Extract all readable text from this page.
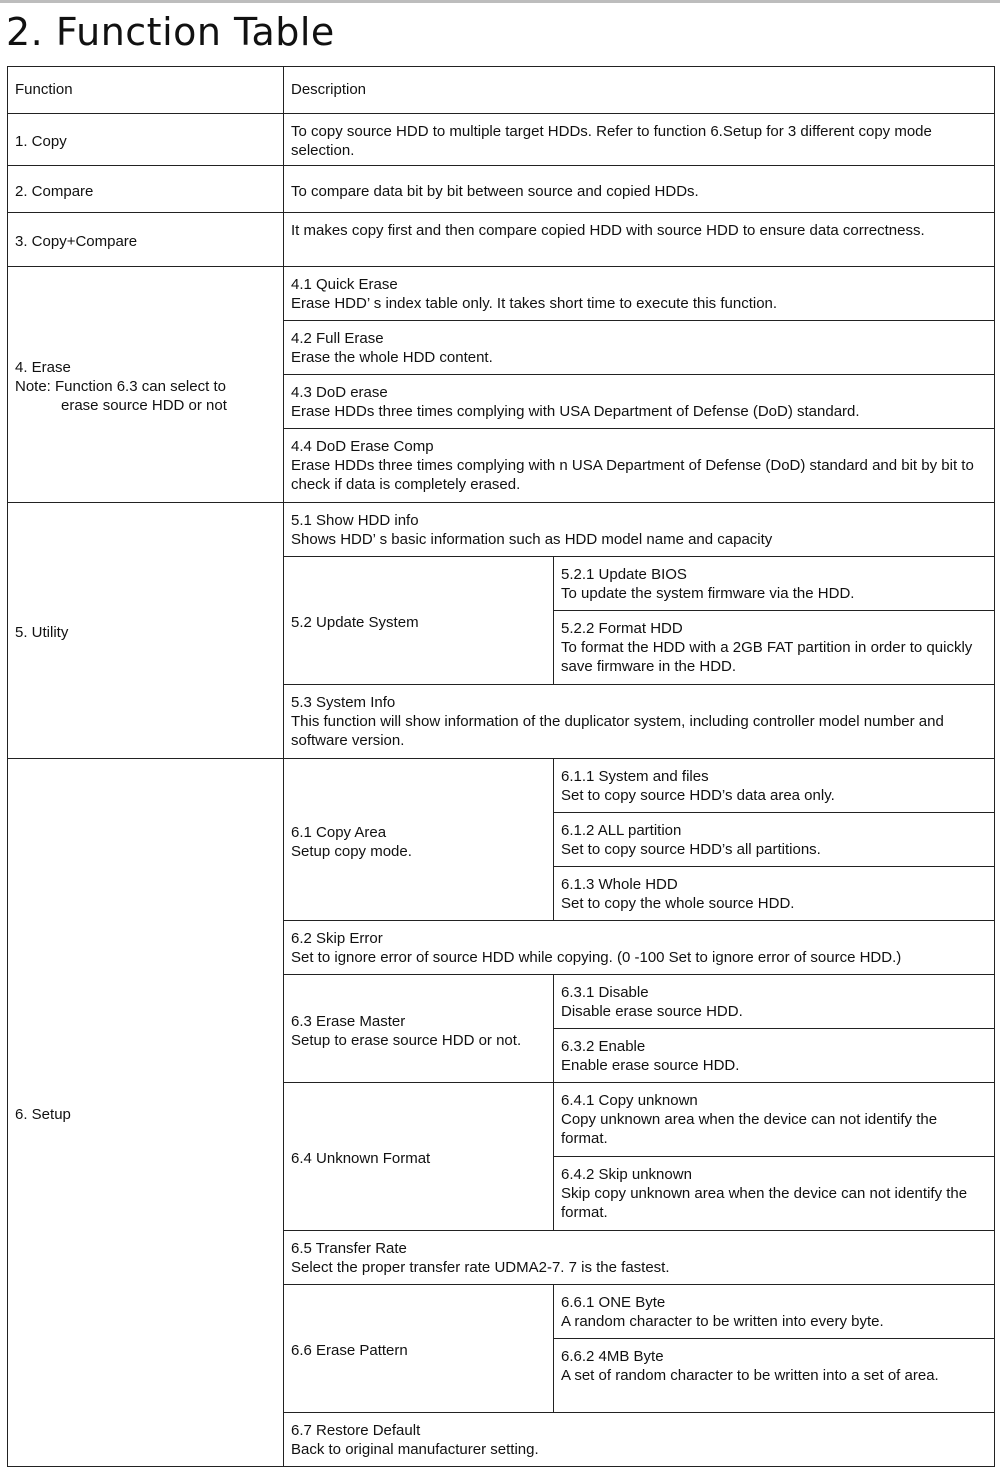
2. Function Table
Function	Description	
1. Copy	To copy source HDD to multiple target HDDs. Refer to function 6.Setup for 3 different copy mode selection.	
2. Compare	To compare data bit by bit between source and copied HDDs.	
3. Copy+Compare	It makes copy first and then compare copied HDD with source HDD to ensure data correctness.	

4. Erase
Note: Function 6.3 can select to
erase source HDD or not	4.1 Quick Erase
Erase HDD’ s index table only. It takes short time to execute this function.	

	4.2 Full Erase
Erase the whole HDD content.	

	4.3 DoD erase
Erase HDDs three times complying with USA Department of Defense (DoD) standard.	

	4.4 DoD Erase Comp
Erase HDDs three times complying with n USA Department of Defense (DoD) standard and bit by bit to check if data is completely erased.	

5. Utility	5.1 Show HDD info
Shows HDD’ s basic information such as HDD model name and capacity	

	5.2 Update System	5.2.1 Update BIOS
To update the system firmware via the HDD.

		5.2.2 Format HDD
To format the HDD with a 2GB FAT partition in order to quickly save firmware in the HDD.

	5.3 System Info
This function will show information of the duplicator system, including controller model number and software version.	

6. Setup	6.1 Copy Area
Setup copy mode.	6.1.1 System and files
Set to copy source HDD’s data area only.

		6.1.2 ALL partition
Set to copy source HDD’s all partitions.

		6.1.3 Whole HDD
Set to copy the whole source HDD.

	6.2 Skip Error
Set to ignore error of source HDD while copying. (0 -100 Set to ignore error of source HDD.)	

	6.3 Erase Master
Setup to erase source HDD or not.	6.3.1 Disable
Disable erase source HDD.

		6.3.2 Enable
Enable erase source HDD.

	6.4 Unknown Format	6.4.1 Copy unknown
Copy unknown area when the device can not identify the format.

		6.4.2 Skip unknown
Skip copy unknown area when the device can not identify the format.

	6.5 Transfer Rate
Select the proper transfer rate UDMA2-7. 7 is the fastest.	

	6.6 Erase Pattern	6.6.1 ONE Byte
A random character to be written into every byte.

		6.6.2 4MB Byte
A set of random character to be written into a set of area.

	6.7 Restore Default
Back to original manufacturer setting.	
